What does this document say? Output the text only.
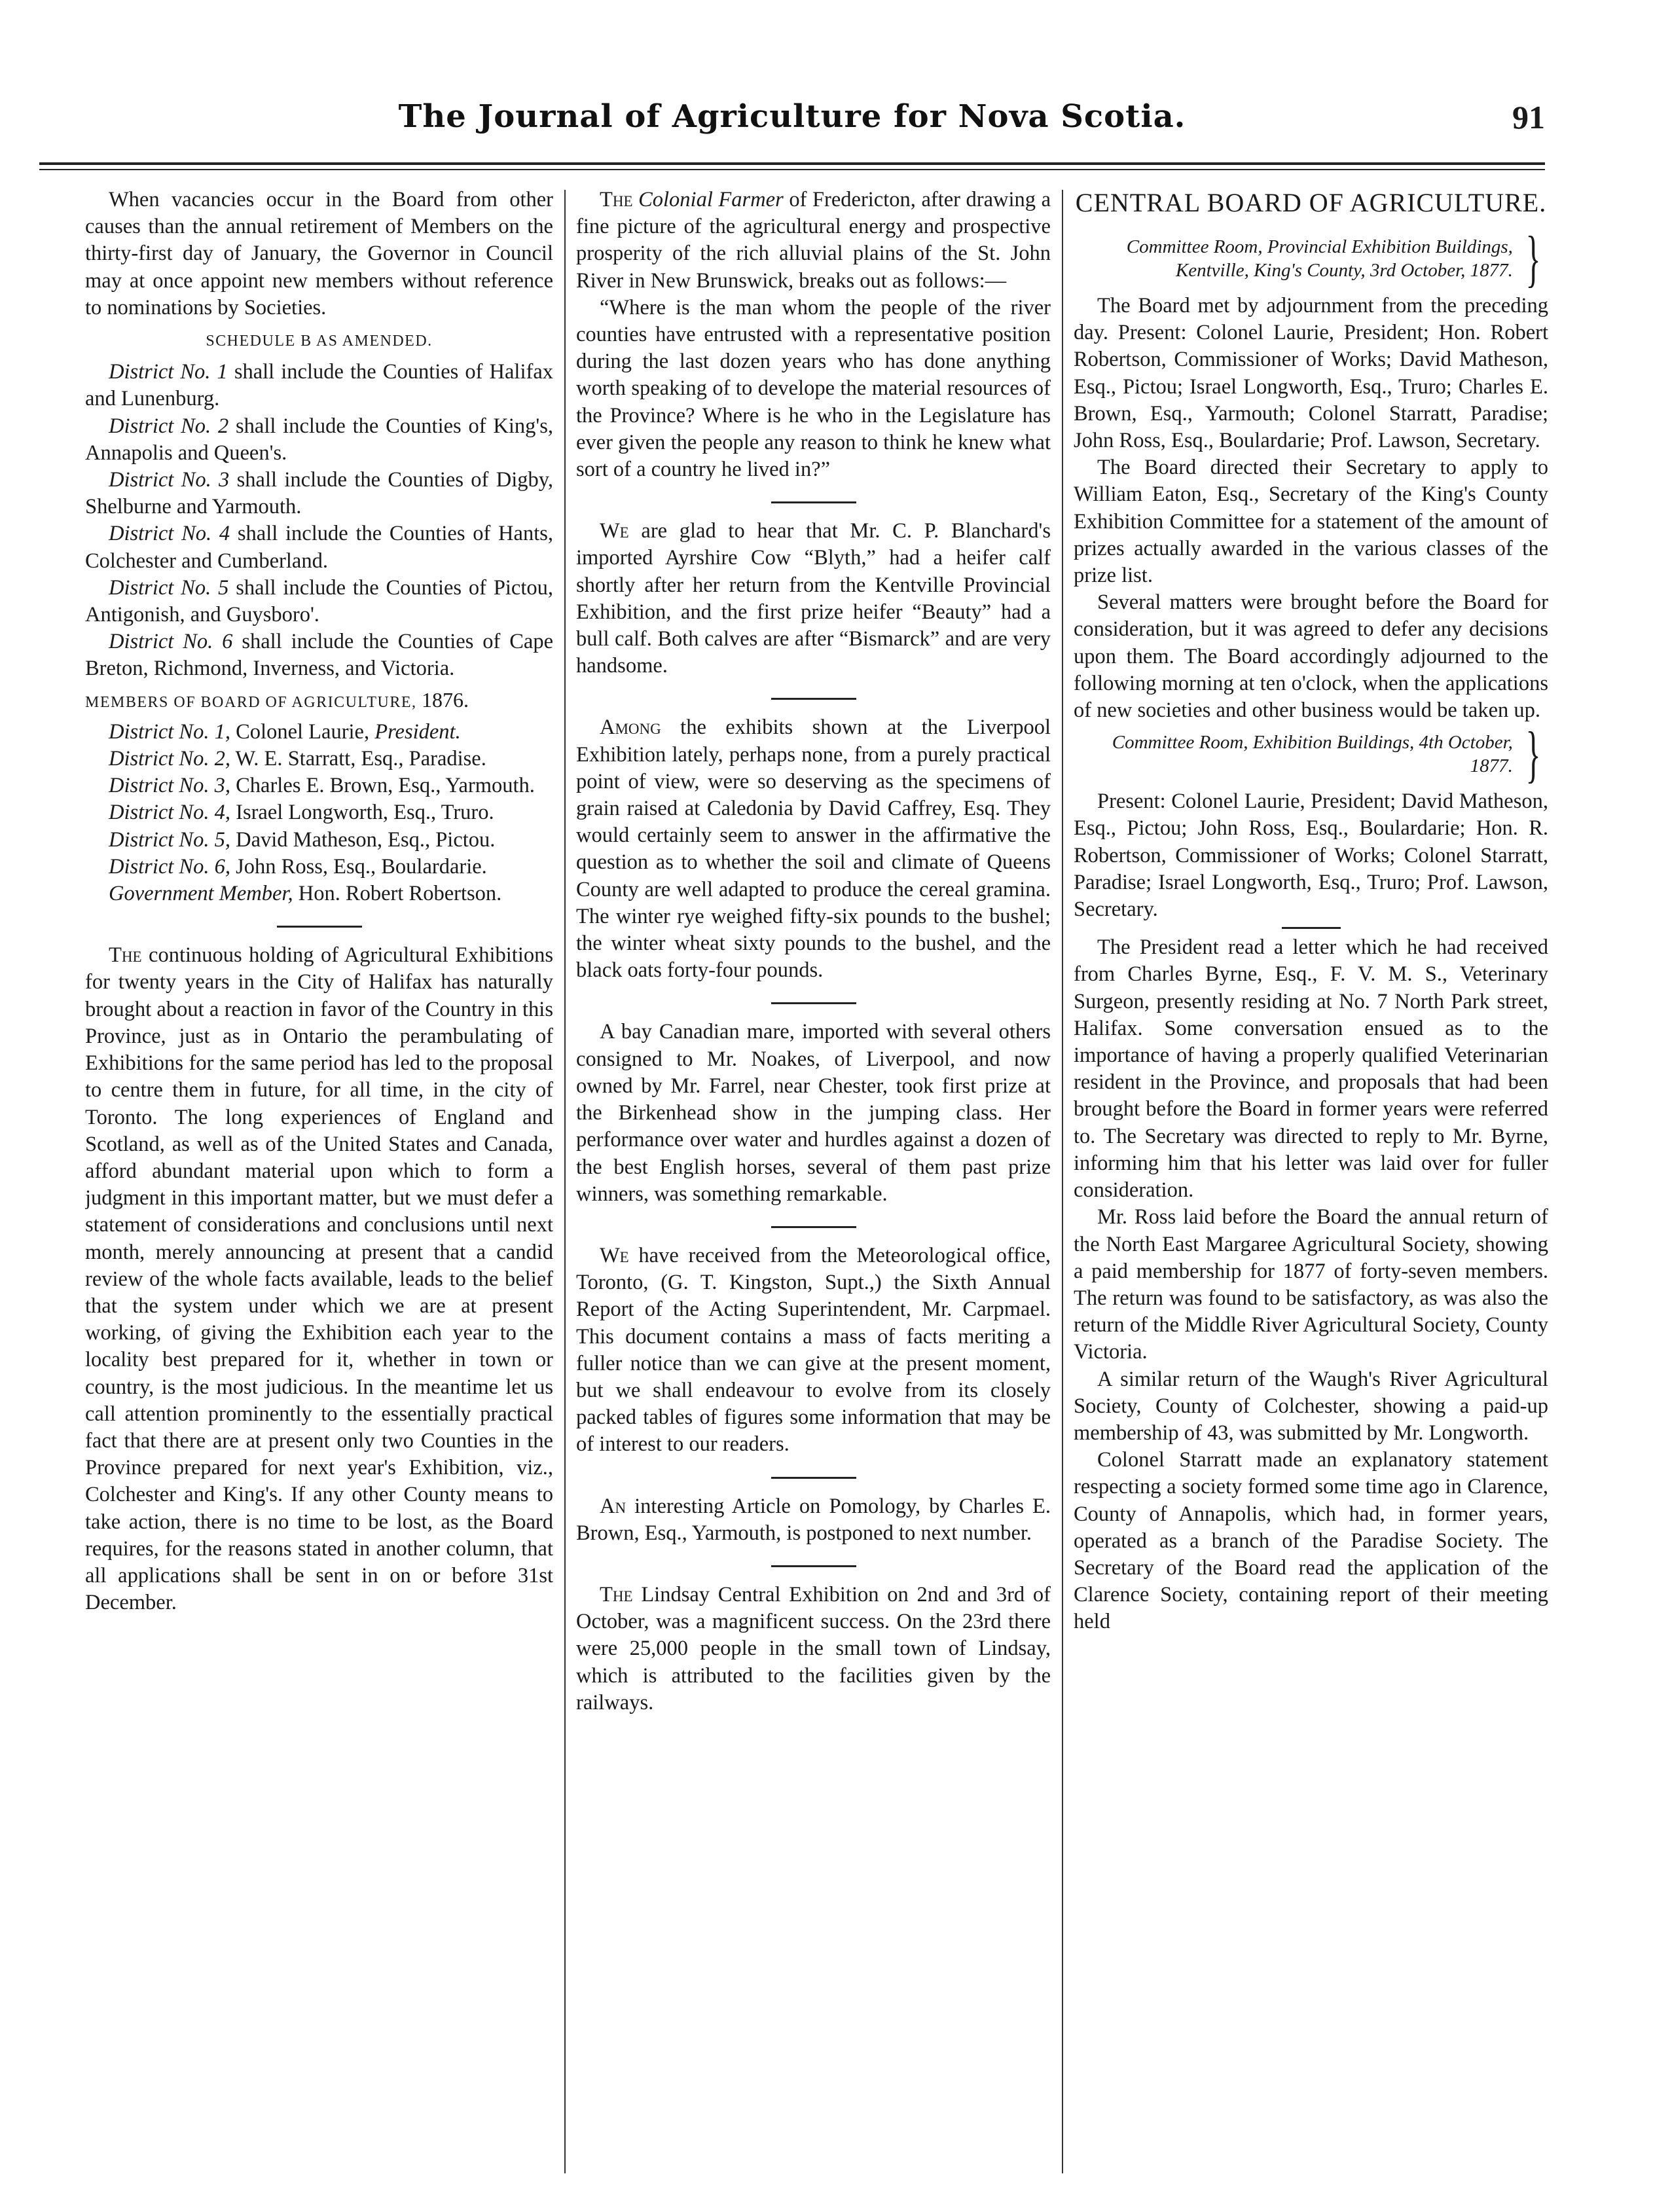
The Journal of Agriculture for Nova Scotia.	91

When vacancies occur in the Board from other causes than the annual retirement of Members on the thirty-first day of January, the Governor in Council may at once appoint new members without reference to nominations by Societies.

SCHEDULE B AS AMENDED.

District No. 1 shall include the Counties of Halifax and Lunenburg.

District No. 2 shall include the Counties of King's, Annapolis and Queen's.

District No. 3 shall include the Counties of Digby, Shelburne and Yarmouth.

District No. 4 shall include the Counties of Hants, Colchester and Cumberland.

District No. 5 shall include the Counties of Pictou, Antigonish, and Guysboro'.

District No. 6 shall include the Counties of Cape Breton, Richmond, Inverness, and Victoria.

MEMBERS OF BOARD OF AGRICULTURE, 1876.

District No. 1, Colonel Laurie, President.

District No. 2, W. E. Starratt, Esq., Paradise.

District No. 3, Charles E. Brown, Esq., Yarmouth.

District No. 4, Israel Longworth, Esq., Truro.

District No. 5, David Matheson, Esq., Pictou.

District No. 6, John Ross, Esq., Boulardarie.

Government Member, Hon. Robert Robertson.

The continuous holding of Agricultural Exhibitions for twenty years in the City of Halifax has naturally brought about a reaction in favor of the Country in this Province, just as in Ontario the perambulating of Exhibitions for the same period has led to the proposal to centre them in future, for all time, in the city of Toronto. The long experiences of England and Scotland, as well as of the United States and Canada, afford abundant material upon which to form a judgment in this important matter, but we must defer a statement of considerations and conclusions until next month, merely announcing at present that a candid review of the whole facts available, leads to the belief that the system under which we are at present working, of giving the Exhibition each year to the locality best prepared for it, whether in town or country, is the most judicious. In the meantime let us call attention prominently to the essentially practical fact that there are at present only two Counties in the Province prepared for next year's Exhibition, viz., Colchester and King's. If any other County means to take action, there is no time to be lost, as the Board requires, for the reasons stated in another column, that all applications shall be sent in on or before 31st December.

The Colonial Farmer of Fredericton, after drawing a fine picture of the agricultural energy and prospective prosperity of the rich alluvial plains of the St. John River in New Brunswick, breaks out as follows:—

“Where is the man whom the people of the river counties have entrusted with a representative position during the last dozen years who has done anything worth speaking of to develope the material resources of the Province? Where is he who in the Legislature has ever given the people any reason to think he knew what sort of a country he lived in?”

We are glad to hear that Mr. C. P. Blanchard's imported Ayrshire Cow “Blyth,” had a heifer calf shortly after her return from the Kentville Provincial Exhibition, and the first prize heifer “Beauty” had a bull calf. Both calves are after “Bismarck” and are very handsome.

Among the exhibits shown at the Liverpool Exhibition lately, perhaps none, from a purely practical point of view, were so deserving as the specimens of grain raised at Caledonia by David Caffrey, Esq. They would certainly seem to answer in the affirmative the question as to whether the soil and climate of Queens County are well adapted to produce the cereal gramina. The winter rye weighed fifty-six pounds to the bushel; the winter wheat sixty pounds to the bushel, and the black oats forty-four pounds.

A bay Canadian mare, imported with several others consigned to Mr. Noakes, of Liverpool, and now owned by Mr. Farrel, near Chester, took first prize at the Birkenhead show in the jumping class. Her performance over water and hurdles against a dozen of the best English horses, several of them past prize winners, was something remarkable.

We have received from the Meteorological office, Toronto, (G. T. Kingston, Supt.,) the Sixth Annual Report of the Acting Superintendent, Mr. Carpmael. This document contains a mass of facts meriting a fuller notice than we can give at the present moment, but we shall endeavour to evolve from its closely packed tables of figures some information that may be of interest to our readers.

An interesting Article on Pomology, by Charles E. Brown, Esq., Yarmouth, is postponed to next number.

The Lindsay Central Exhibition on 2nd and 3rd of October, was a magnificent success. On the 23rd there were 25,000 people in the small town of Lindsay, which is attributed to the facilities given by the railways.

CENTRAL BOARD OF AGRICULTURE.

Committee Room, Provincial Exhibition Buildings, Kentville, King's County, 3rd October, 1877. }

The Board met by adjournment from the preceding day. Present: Colonel Laurie, President; Hon. Robert Robertson, Commissioner of Works; David Matheson, Esq., Pictou; Israel Longworth, Esq., Truro; Charles E. Brown, Esq., Yarmouth; Colonel Starratt, Paradise; John Ross, Esq., Boulardarie; Prof. Lawson, Secretary.

The Board directed their Secretary to apply to William Eaton, Esq., Secretary of the King's County Exhibition Committee for a statement of the amount of prizes actually awarded in the various classes of the prize list.

Several matters were brought before the Board for consideration, but it was agreed to defer any decisions upon them. The Board accordingly adjourned to the following morning at ten o'clock, when the applications of new societies and other business would be taken up.

Committee Room, Exhibition Buildings, 4th October, 1877. }

Present: Colonel Laurie, President; David Matheson, Esq., Pictou; John Ross, Esq., Boulardarie; Hon. R. Robertson, Commissioner of Works; Colonel Starratt, Paradise; Israel Longworth, Esq., Truro; Prof. Lawson, Secretary.

The President read a letter which he had received from Charles Byrne, Esq., F. V. M. S., Veterinary Surgeon, presently residing at No. 7 North Park street, Halifax. Some conversation ensued as to the importance of having a properly qualified Veterinarian resident in the Province, and proposals that had been brought before the Board in former years were referred to. The Secretary was directed to reply to Mr. Byrne, informing him that his letter was laid over for fuller consideration.

Mr. Ross laid before the Board the annual return of the North East Margaree Agricultural Society, showing a paid membership for 1877 of forty-seven members. The return was found to be satisfactory, as was also the return of the Middle River Agricultural Society, County Victoria.

A similar return of the Waugh's River Agricultural Society, County of Colchester, showing a paid-up membership of 43, was submitted by Mr. Longworth.

Colonel Starratt made an explanatory statement respecting a society formed some time ago in Clarence, County of Annapolis, which had, in former years, operated as a branch of the Paradise Society. The Secretary of the Board read the application of the Clarence Society, containing report of their meeting held
